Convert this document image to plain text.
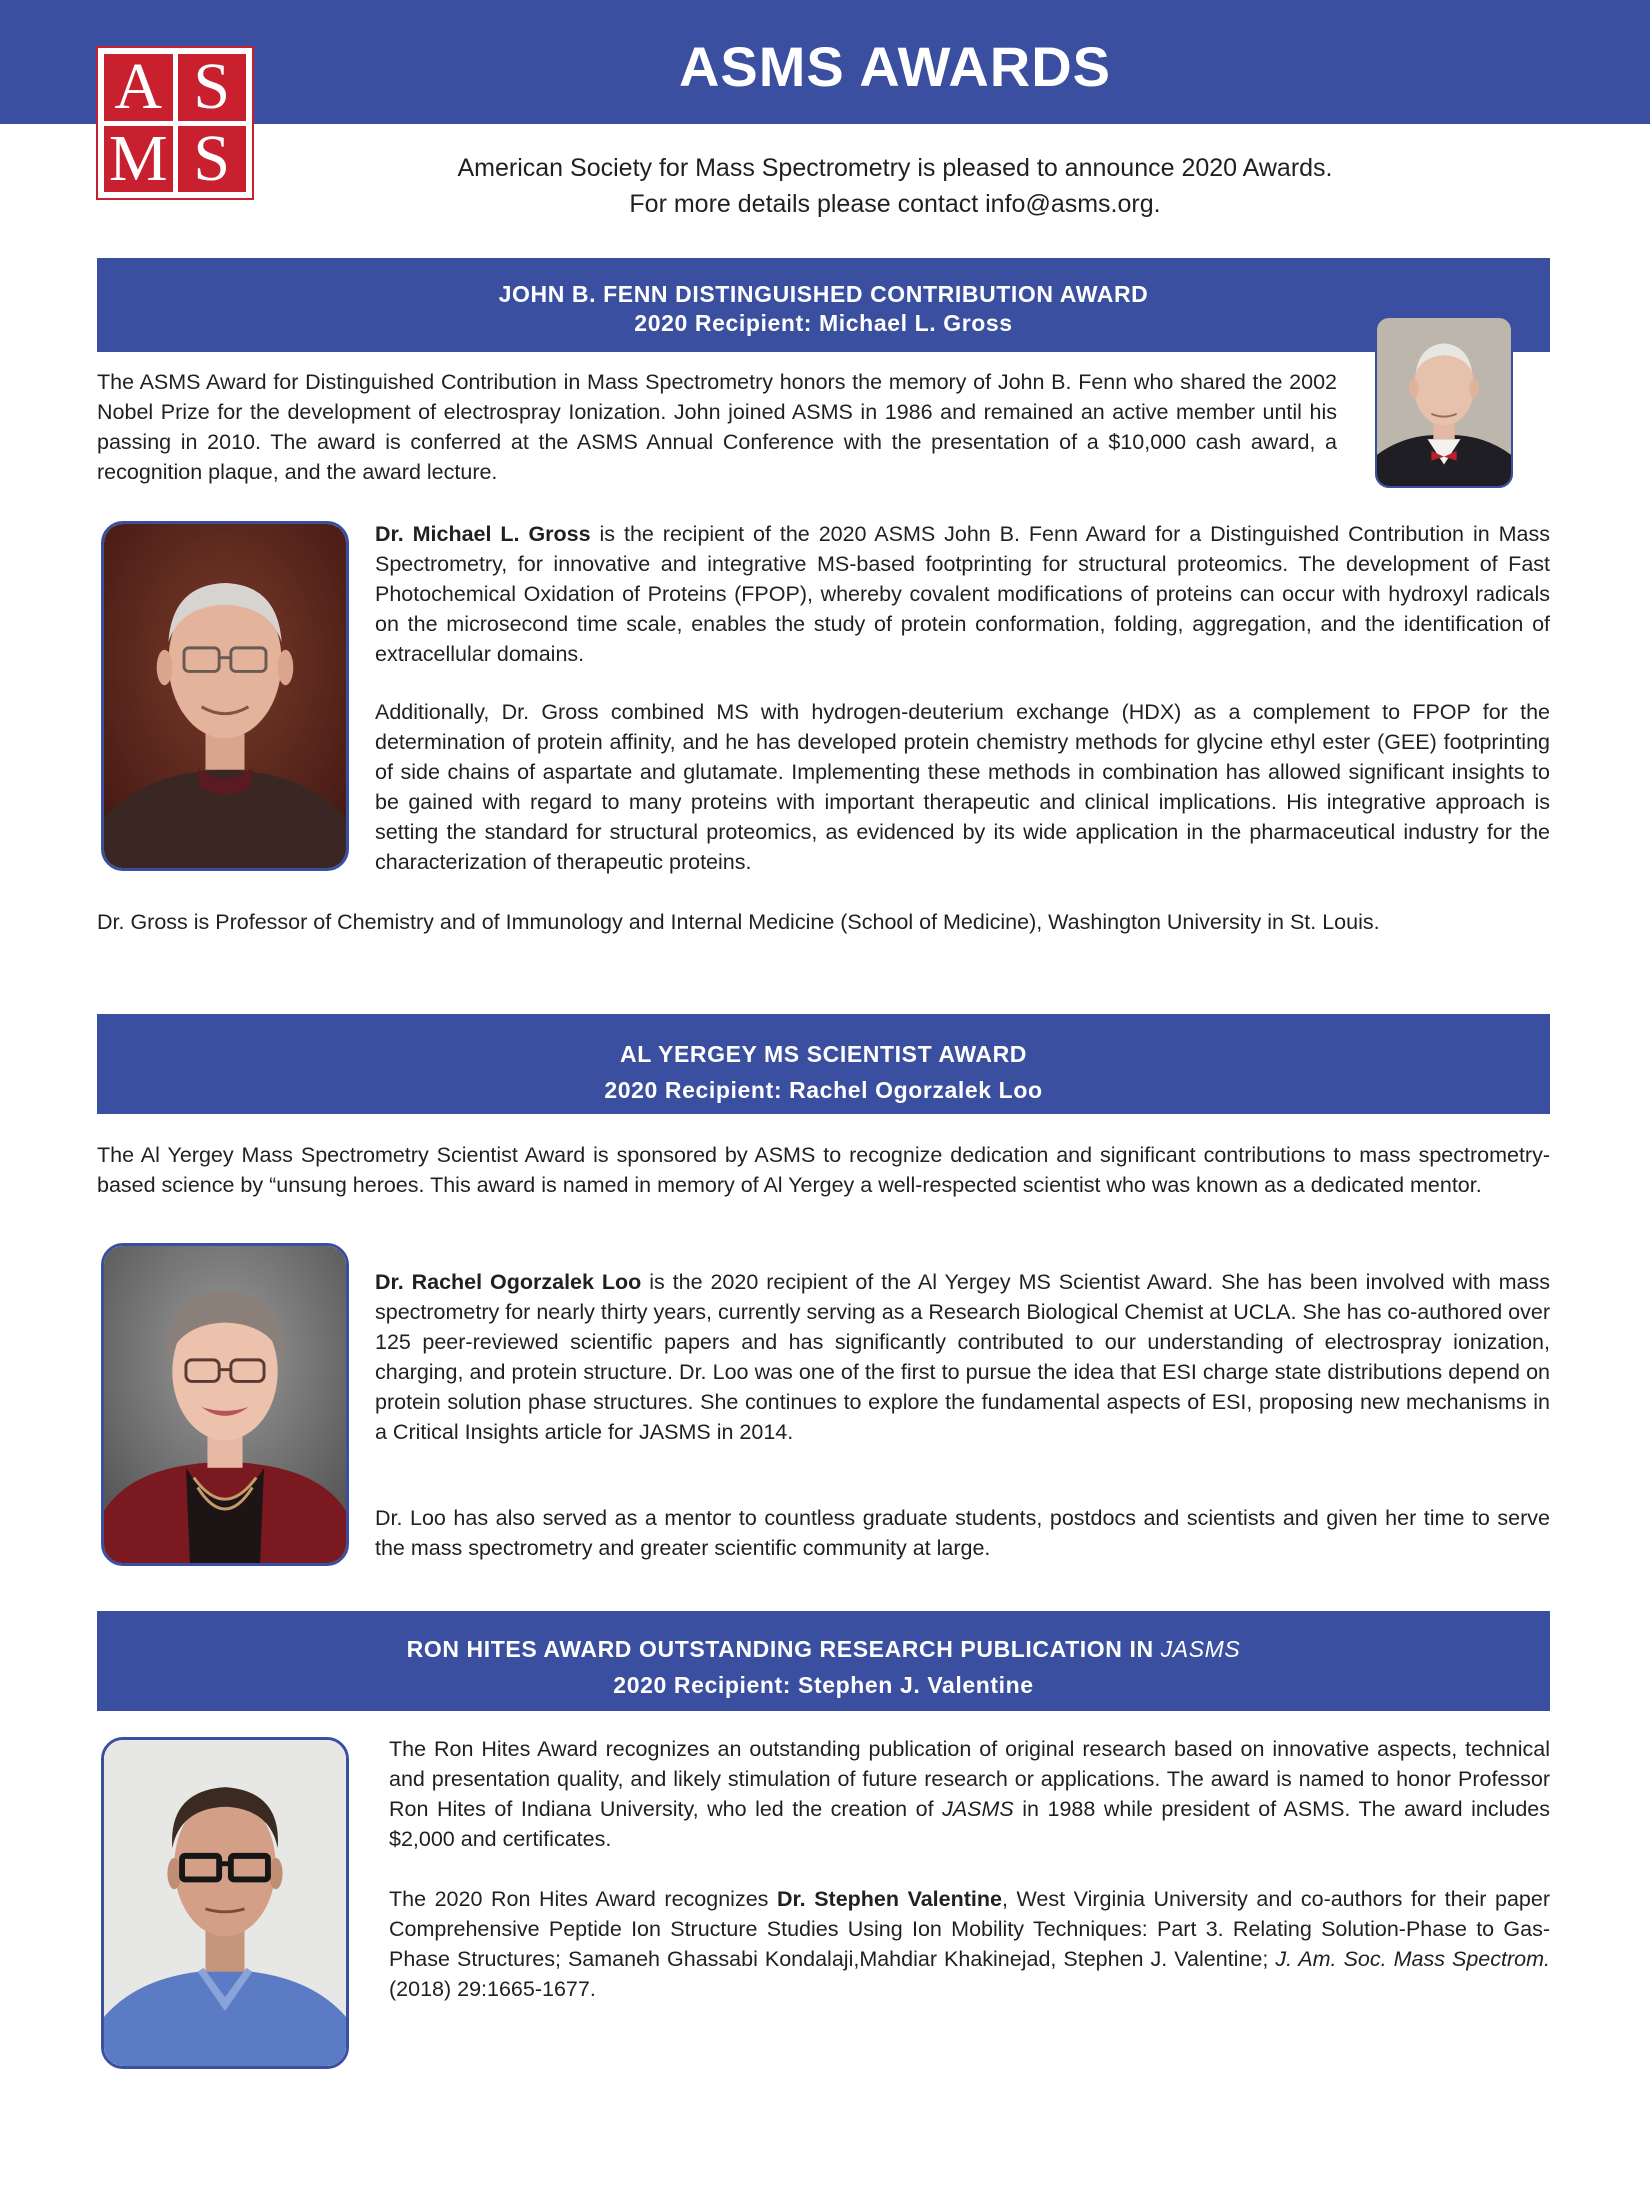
A S
M S
ASMS AWARDS
American Society for Mass Spectrometry is pleased to announce 2020 Awards.
For more details please contact info@asms.org.
JOHN B. FENN DISTINGUISHED CONTRIBUTION AWARD
2020 Recipient: Michael L. Gross
The ASMS Award for Distinguished Contribution in Mass Spectrometry honors the memory of John B. Fenn who shared the 2002 Nobel Prize for the development of electrospray Ionization. John joined ASMS in 1986 and remained an active member until his passing in 2010. The award is conferred at the ASMS Annual Conference with the presentation of a $10,000 cash award, a recognition plaque, and the award lecture.
Dr. Michael L. Gross is the recipient of the 2020 ASMS John B. Fenn Award for a Distinguished Contribution in Mass Spectrometry, for innovative and integrative MS-based footprinting for structural proteomics. The development of Fast Photochemical Oxidation of Proteins (FPOP), whereby covalent modifications of proteins can occur with hydroxyl radicals on the microsecond time scale, enables the study of protein conformation, folding, aggregation, and the identification of extracellular domains.
Additionally, Dr. Gross combined MS with hydrogen-deuterium exchange (HDX) as a complement to FPOP for the determination of protein affinity, and he has developed protein chemistry methods for glycine ethyl ester (GEE) footprinting of side chains of aspartate and glutamate. Implementing these methods in combination has allowed significant insights to be gained with regard to many proteins with important therapeutic and clinical implications. His integrative approach is setting the standard for structural proteomics, as evidenced by its wide application in the pharmaceutical industry for the characterization of therapeutic proteins.
Dr. Gross is Professor of Chemistry and of Immunology and Internal Medicine (School of Medicine), Washington University in St. Louis.
AL YERGEY MS SCIENTIST AWARD
2020 Recipient: Rachel Ogorzalek Loo
The Al Yergey Mass Spectrometry Scientist Award is sponsored by ASMS to recognize dedication and significant contributions to mass spectrometry-based science by “unsung heroes. This award is named in memory of Al Yergey a well-respected scientist who was known as a dedicated mentor.
Dr. Rachel Ogorzalek Loo is the 2020 recipient of the Al Yergey MS Scientist Award. She has been involved with mass spectrometry for nearly thirty years, currently serving as a Research Biological Chemist at UCLA. She has co-authored over 125 peer-reviewed scientific papers and has significantly contributed to our understanding of electrospray ionization, charging, and protein structure. Dr. Loo was one of the first to pursue the idea that ESI charge state distributions depend on protein solution phase structures. She continues to explore the fundamental aspects of ESI, proposing new mechanisms in a Critical Insights article for JASMS in 2014.
Dr. Loo has also served as a mentor to countless graduate students, postdocs and scientists and given her time to serve the mass spectrometry and greater scientific community at large.
RON HITES AWARD OUTSTANDING RESEARCH PUBLICATION IN JASMS
2020 Recipient: Stephen J. Valentine
The Ron Hites Award recognizes an outstanding publication of original research based on innovative aspects, technical and presentation quality, and likely stimulation of future research or applications. The award is named to honor Professor Ron Hites of Indiana University, who led the creation of JASMS in 1988 while president of ASMS. The award includes $2,000 and certificates.
The 2020 Ron Hites Award recognizes Dr. Stephen Valentine, West Virginia University and co-authors for their paper Comprehensive Peptide Ion Structure Studies Using Ion Mobility Techniques: Part 3. Relating Solution-Phase to Gas-Phase Structures; Samaneh Ghassabi Kondalaji,Mahdiar Khakinejad, Stephen J. Valentine; J. Am. Soc. Mass Spectrom. (2018) 29:1665-1677.
